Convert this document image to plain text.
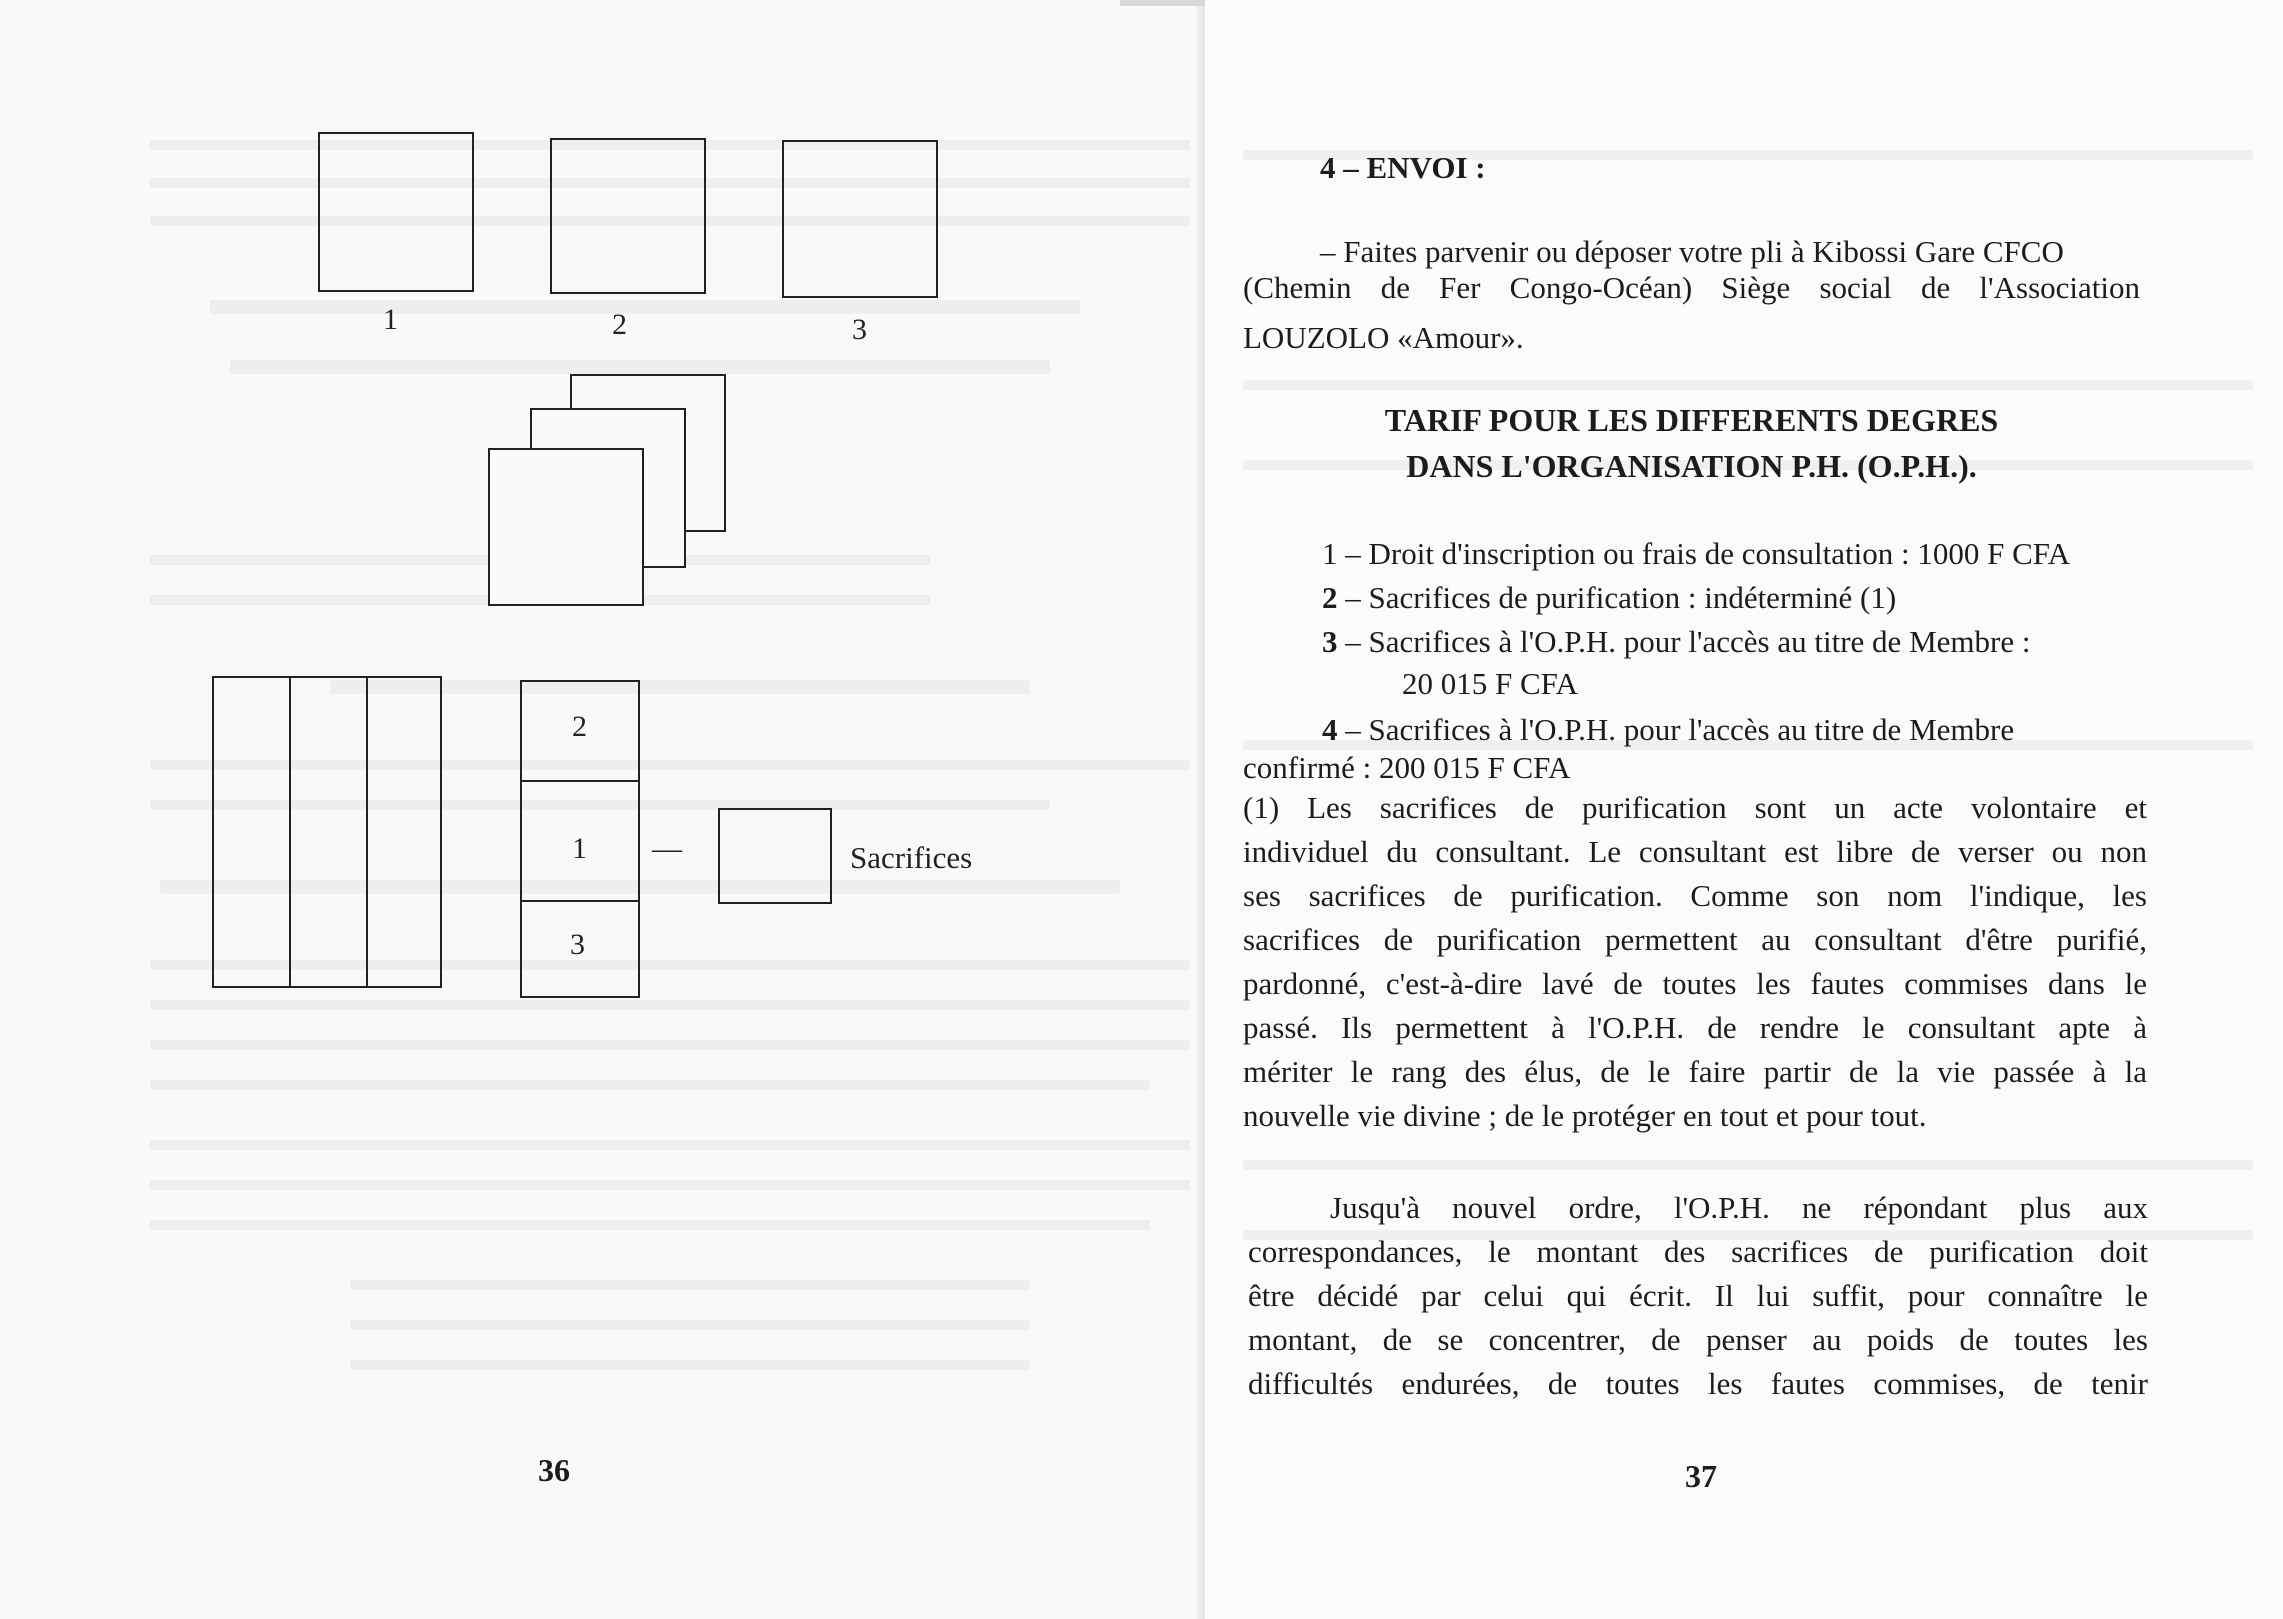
1	2	3
2
1
3
—	Sacrifices
36
4 – ENVOI :
– Faites parvenir ou déposer votre pli à Kibossi Gare CFCO
(Chemin de Fer Congo-Océan) Siège social de l'Association
LOUZOLO «Amour».
TARIF POUR LES DIFFERENTS DEGRES
DANS L'ORGANISATION P.H. (O.P.H.).
1 – Droit d'inscription ou frais de consultation : 1000 F CFA
2 – Sacrifices de purification : indéterminé (1)
3 – Sacrifices à l'O.P.H. pour l'accès au titre de Membre :
20 015 F CFA
4 – Sacrifices à l'O.P.H. pour l'accès au titre de Membre
confirmé : 200 015 F CFA
(1) Les sacrifices de purification sont un acte volontaire et
individuel du consultant. Le consultant est libre de verser ou non
ses sacrifices de purification. Comme son nom l'indique, les
sacrifices de purification permettent au consultant d'être purifié,
pardonné, c'est-à-dire lavé de toutes les fautes commises dans le
passé. Ils permettent à l'O.P.H. de rendre le consultant apte à
mériter le rang des élus, de le faire partir de la vie passée à la
nouvelle vie divine ; de le protéger en tout et pour tout.
Jusqu'à nouvel ordre, l'O.P.H. ne répondant plus aux
correspondances, le montant des sacrifices de purification doit
être décidé par celui qui écrit. Il lui suffit, pour connaître le
montant, de se concentrer, de penser au poids de toutes les
difficultés endurées, de toutes les fautes commises, de tenir
37
